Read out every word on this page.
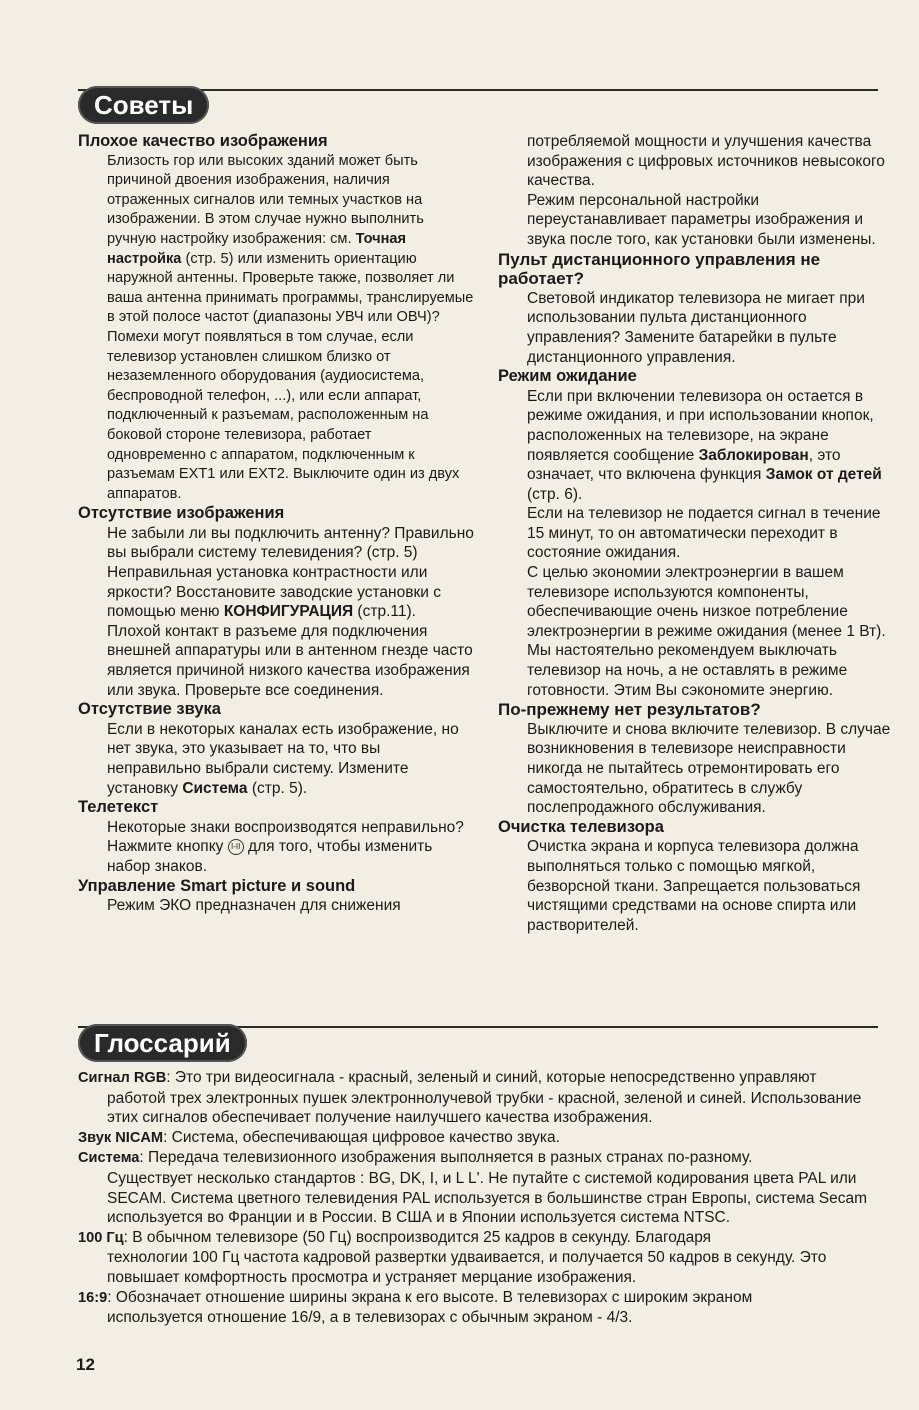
Советы
Плохое качество изображения

Близость гор или высоких зданий может быть причиной двоения изображения, наличия отраженных сигналов или темных участков на изображении. В этом случае нужно выполнить ручную настройку изображения: см. Точная настройка (стр. 5) или изменить ориентацию наружной антенны. Проверьте также, позволяет ли ваша антенна принимать программы, транслируемые в этой полосе частот (диапазоны УВЧ или ОВЧ)?

Помехи могут появляться в том случае, если телевизор установлен слишком близко от незаземленного оборудования (аудиосистема, беспроводной телефон, ...), или если аппарат, подключенный к разъемам, расположенным на боковой стороне телевизора, работает одновременно с аппаратом, подключенным к разъемам EXT1 или EXT2. Выключите один из двух аппаратов.

Отсутствие изображения

Не забыли ли вы подключить антенну? Правильно вы выбрали систему телевидения? (стр. 5)

Неправильная установка контрастности или яркости? Восстановите заводские установки с помощью меню КОНФИГУРАЦИЯ (стр.11).

Плохой контакт в разъеме для подключения внешней аппаратуры или в антенном гнезде часто является причиной низкого качества изображения или звука. Проверьте все соединения.

Отсутствие звука

Если в некоторых каналах есть изображение, но нет звука, это указывает на то, что вы неправильно выбрали систему. Измените установку Система (стр. 5).

Телетекст

Некоторые знаки воспроизводятся неправильно? Нажмите кнопку I-II для того, чтобы изменить набор знаков.

Управление Smart picture и sound

Режим ЭКО предназначен для снижения

потребляемой мощности и улучшения качества изображения с цифровых источников невысокого качества.

Режим персональной настройки переустанавливает параметры изображения и звука после того, как установки были изменены.

Пульт дистанционного управления не работает?

Световой индикатор телевизора не мигает при использовании пульта дистанционного управления? Замените батарейки в пульте дистанционного управления.

Режим ожидание

Если при включении телевизора он остается в режиме ожидания, и при использовании кнопок, расположенных на телевизоре, на экране появляется сообщение Заблокирован, это означает, что включена функция Замок от детей (стр. 6).

Если на телевизор не подается сигнал в течение 15 минут, то он автоматически переходит в состояние ожидания.

С целью экономии электроэнергии в вашем телевизоре используются компоненты, обеспечивающие очень низкое потребление электроэнергии в режиме ожидания (менее 1 Вт).

Мы настоятельно рекомендуем выключать телевизор на ночь, а не оставлять в режиме готовности. Этим Вы сэкономите энергию.

По-прежнему нет результатов?

Выключите и снова включите телевизор. В случае возникновения в телевизоре неисправности никогда не пытайтесь отремонтировать его самостоятельно, обратитесь в службу послепродажного обслуживания.

Очистка телевизора

Очистка экрана и корпуса телевизора должна выполняться только с помощью мягкой, безворсной ткани. Запрещается пользоваться чистящими средствами на основе спирта или растворителей.

Глоссарий

Сигнал RGB: Это три видеосигнала - красный, зеленый и синий, которые непосредственно управляют
работой трех электронных пушек электроннолучевой трубки - красной, зеленой и синей. Использование этих сигналов обеспечивает получение наилучшего качества изображения.

Звук NICAM: Система, обеспечивающая цифровое качество звука.

Система: Передача телевизионного изображения выполняется в разных странах по-разному.
Существует несколько стандартов : BG, DK, I, и L L'. Не путайте с системой кодирования цвета PAL или SECAM. Система цветного телевидения PAL используется в большинстве стран Европы, система Secam используется во Франции и в России. В США и в Японии используется система NTSC.

100 Гц: В обычном телевизоре (50 Гц) воспроизводится 25 кадров в секунду. Благодаря
технологии 100 Гц частота кадровой развертки удваивается, и получается 50 кадров в секунду. Это повышает комфортность просмотра и устраняет мерцание изображения.

16:9: Обозначает отношение ширины экрана к его высоте. В телевизорах с широким экраном
используется отношение 16/9, а в телевизорах с обычным экраном - 4/3.

12
